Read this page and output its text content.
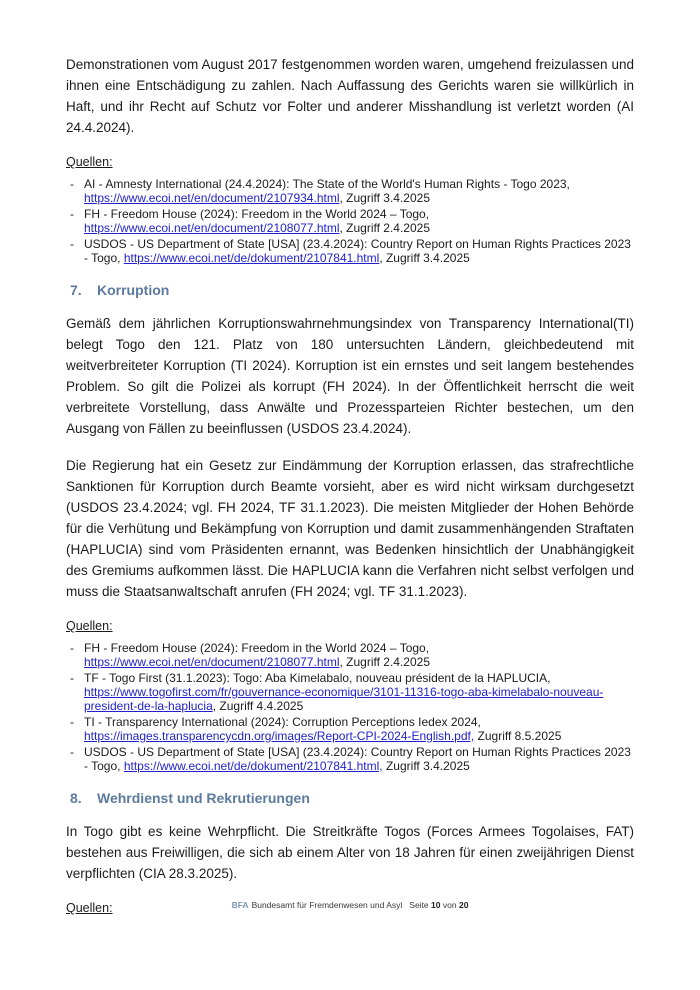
Demonstrationen vom August 2017 festgenommen worden waren, umgehend freizulassen und ihnen eine Entschädigung zu zahlen. Nach Auffassung des Gerichts waren sie willkürlich in Haft, und ihr Recht auf Schutz vor Folter und anderer Misshandlung ist verletzt worden (AI 24.4.2024).

Quellen:
- AI - Amnesty International (24.4.2024): The State of the World's Human Rights - Togo 2023, https://www.ecoi.net/en/document/2107934.html, Zugriff 3.4.2025
- FH - Freedom House (2024): Freedom in the World 2024 – Togo, https://www.ecoi.net/en/document/2108077.html, Zugriff 2.4.2025
- USDOS - US Department of State [USA] (23.4.2024): Country Report on Human Rights Practices 2023 - Togo, https://www.ecoi.net/de/dokument/2107841.html, Zugriff 3.4.2025
7. Korruption

Gemäß dem jährlichen Korruptionswahrnehmungsindex von Transparency International(TI) belegt Togo den 121. Platz von 180 untersuchten Ländern, gleichbedeutend mit weitverbreiteter Korruption (TI 2024). Korruption ist ein ernstes und seit langem bestehendes Problem. So gilt die Polizei als korrupt (FH 2024). In der Öffentlichkeit herrscht die weit verbreitete Vorstellung, dass Anwälte und Prozessparteien Richter bestechen, um den Ausgang von Fällen zu beeinflussen (USDOS 23.4.2024).

Die Regierung hat ein Gesetz zur Eindämmung der Korruption erlassen, das strafrechtliche Sanktionen für Korruption durch Beamte vorsieht, aber es wird nicht wirksam durchgesetzt (USDOS 23.4.2024; vgl. FH 2024, TF 31.1.2023). Die meisten Mitglieder der Hohen Behörde für die Verhütung und Bekämpfung von Korruption und damit zusammenhängenden Straftaten (HAPLUCIA) sind vom Präsidenten ernannt, was Bedenken hinsichtlich der Unabhängigkeit des Gremiums aufkommen lässt. Die HAPLUCIA kann die Verfahren nicht selbst verfolgen und muss die Staatsanwaltschaft anrufen (FH 2024; vgl. TF 31.1.2023).

Quellen:
- FH - Freedom House (2024): Freedom in the World 2024 – Togo, https://www.ecoi.net/en/document/2108077.html, Zugriff 2.4.2025
- TF - Togo First (31.1.2023): Togo: Aba Kimelabalo, nouveau président de la HAPLUCIA, https://www.togofirst.com/fr/gouvernance-economique/3101-11316-togo-aba-kimelabalo-nouveau-president-de-la-haplucia, Zugriff 4.4.2025
- TI - Transparency International (2024): Corruption Perceptions Iedex 2024, https://images.transparencycdn.org/images/Report-CPI-2024-English.pdf, Zugriff 8.5.2025
- USDOS - US Department of State [USA] (23.4.2024): Country Report on Human Rights Practices 2023 - Togo, https://www.ecoi.net/de/dokument/2107841.html, Zugriff 3.4.2025
8. Wehrdienst und Rekrutierungen

In Togo gibt es keine Wehrpflicht. Die Streitkräfte Togos (Forces Armees Togolaises, FAT) bestehen aus Freiwilligen, die sich ab einem Alter von 18 Jahren für einen zweijährigen Dienst verpflichten (CIA 28.3.2025).

Quellen:	BFA Bundesamt für Fremdenwesen und Asyl Seite 10 von 20
